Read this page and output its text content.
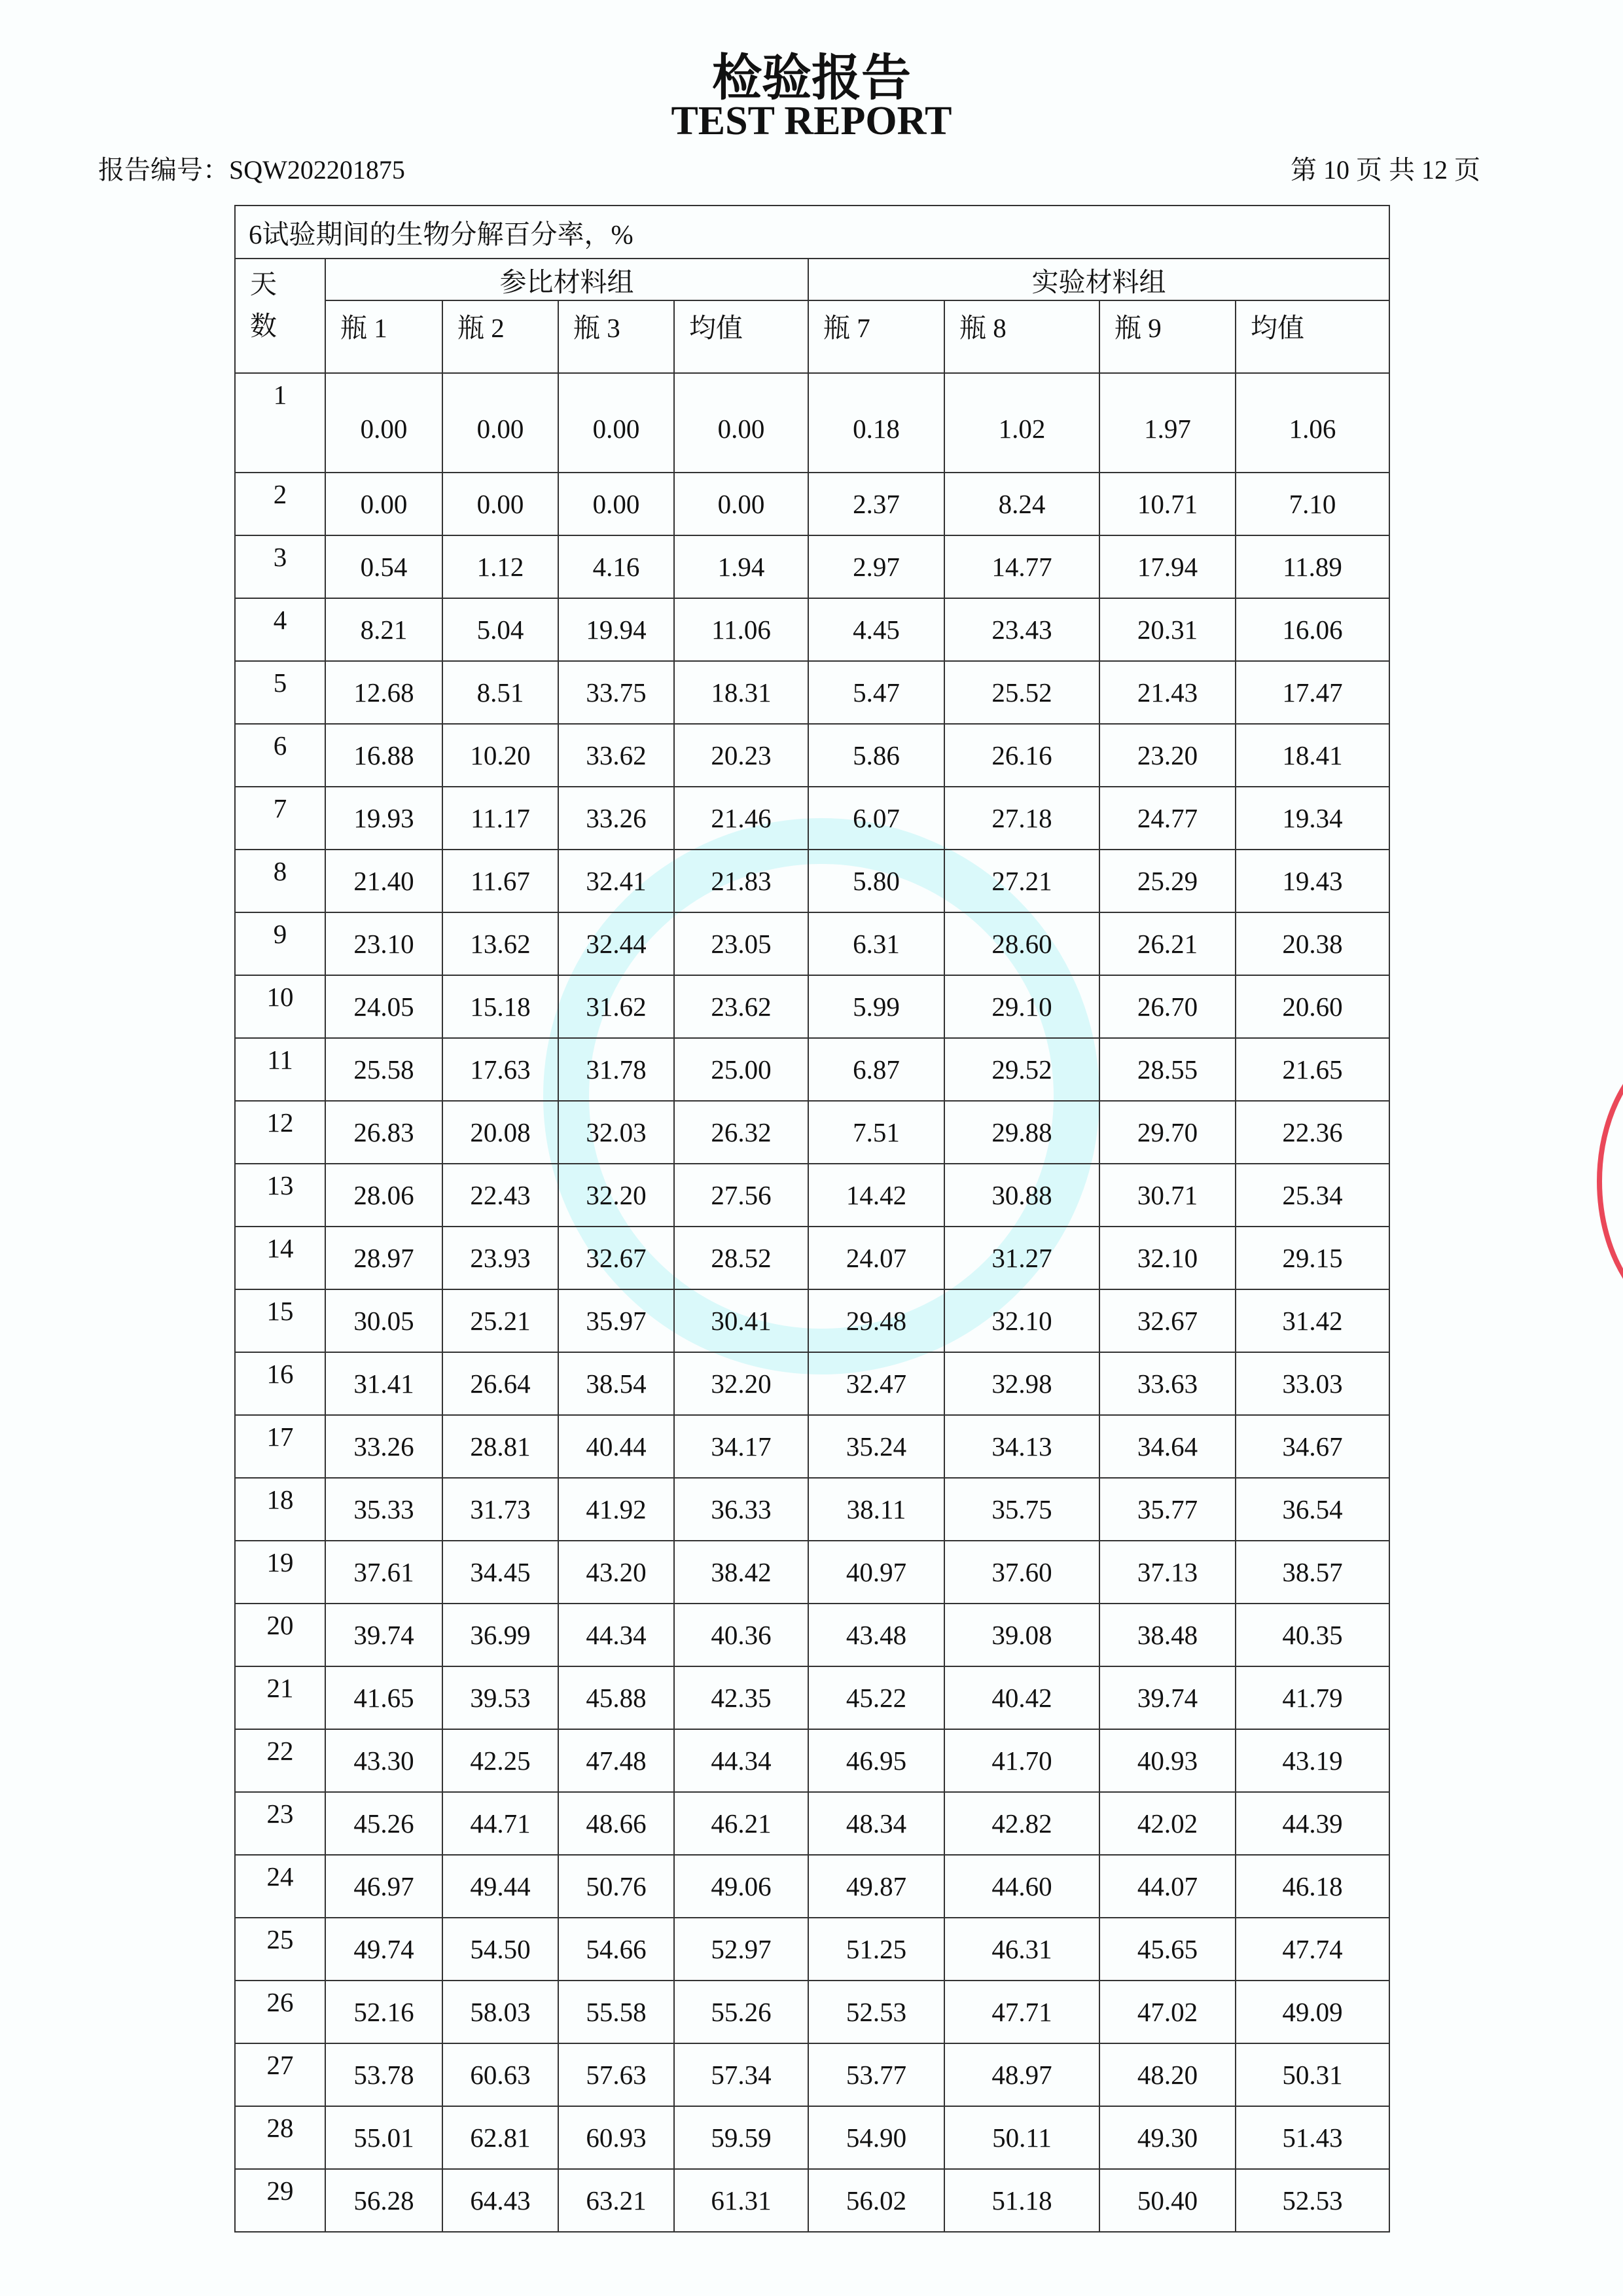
检验报告
TEST REPORT
报告编号：SQW202201875	第 10 页 共 12 页
6试验期间的生物分解百分率，%								
天
数	参比材料组				实验材料组			
	瓶 1	瓶 2	瓶 3	均值	瓶 7	瓶 8	瓶 9	均值
1	0.00	0.00	0.00	0.00	0.18	1.02	1.97	1.06
2	0.00	0.00	0.00	0.00	2.37	8.24	10.71	7.10
3	0.54	1.12	4.16	1.94	2.97	14.77	17.94	11.89
4	8.21	5.04	19.94	11.06	4.45	23.43	20.31	16.06
5	12.68	8.51	33.75	18.31	5.47	25.52	21.43	17.47
6	16.88	10.20	33.62	20.23	5.86	26.16	23.20	18.41
7	19.93	11.17	33.26	21.46	6.07	27.18	24.77	19.34
8	21.40	11.67	32.41	21.83	5.80	27.21	25.29	19.43
9	23.10	13.62	32.44	23.05	6.31	28.60	26.21	20.38
10	24.05	15.18	31.62	23.62	5.99	29.10	26.70	20.60
11	25.58	17.63	31.78	25.00	6.87	29.52	28.55	21.65
12	26.83	20.08	32.03	26.32	7.51	29.88	29.70	22.36
13	28.06	22.43	32.20	27.56	14.42	30.88	30.71	25.34
14	28.97	23.93	32.67	28.52	24.07	31.27	32.10	29.15
15	30.05	25.21	35.97	30.41	29.48	32.10	32.67	31.42
16	31.41	26.64	38.54	32.20	32.47	32.98	33.63	33.03
17	33.26	28.81	40.44	34.17	35.24	34.13	34.64	34.67
18	35.33	31.73	41.92	36.33	38.11	35.75	35.77	36.54
19	37.61	34.45	43.20	38.42	40.97	37.60	37.13	38.57
20	39.74	36.99	44.34	40.36	43.48	39.08	38.48	40.35
21	41.65	39.53	45.88	42.35	45.22	40.42	39.74	41.79
22	43.30	42.25	47.48	44.34	46.95	41.70	40.93	43.19
23	45.26	44.71	48.66	46.21	48.34	42.82	42.02	44.39
24	46.97	49.44	50.76	49.06	49.87	44.60	44.07	46.18
25	49.74	54.50	54.66	52.97	51.25	46.31	45.65	47.74
26	52.16	58.03	55.58	55.26	52.53	47.71	47.02	49.09
27	53.78	60.63	57.63	57.34	53.77	48.97	48.20	50.31
28	55.01	62.81	60.93	59.59	54.90	50.11	49.30	51.43
29	56.28	64.43	63.21	61.31	56.02	51.18	50.40	52.53
